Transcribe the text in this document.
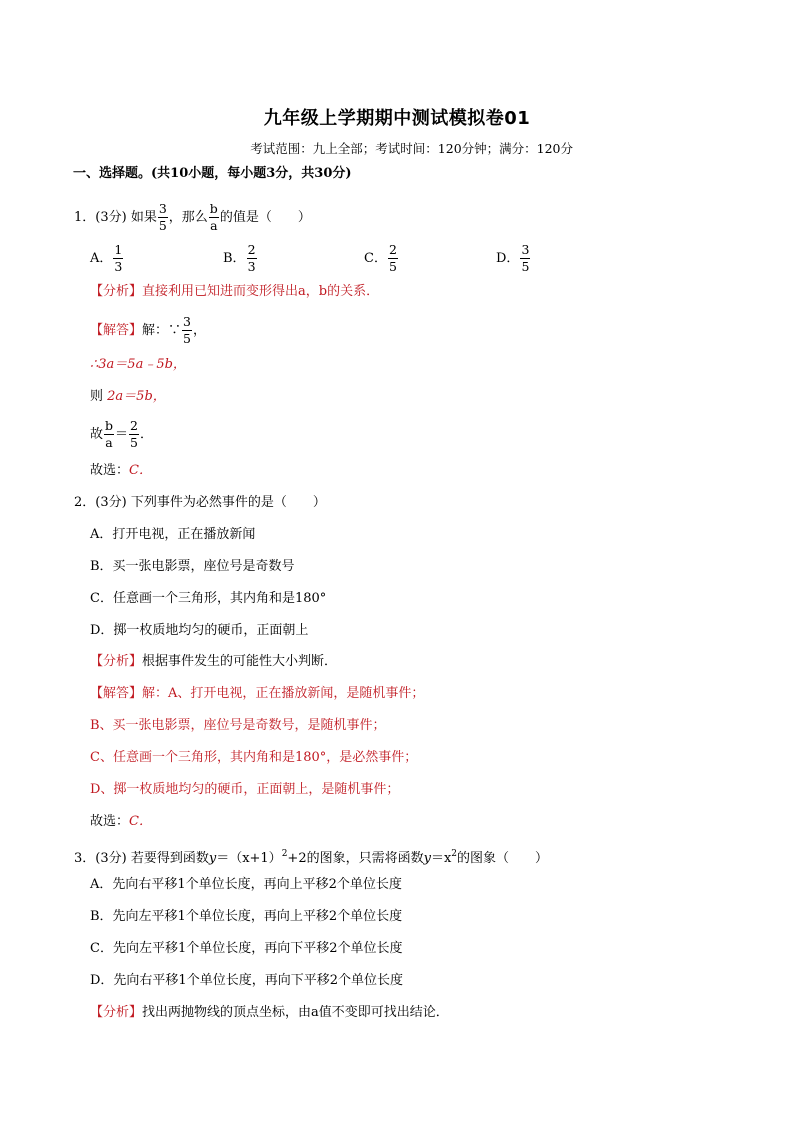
九年级上学期期中测试模拟卷01
考试范围：九上全部；考试时间：120分钟；满分：120分
一、选择题。(共10小题，每小题3分，共30分)
1．(3分) 如果 $\frac{3}{5}$ ，那么 $\frac{b}{a}$ 的值是（　　）
A． $\frac{1}{3}$	B． $\frac{2}{3}$	C． $\frac{2}{5}$	D． $\frac{3}{5}$
【分析】直接利用已知进而变形得出a，b的关系．
【解答】解：∵ $\frac{3}{5}$ ，
∴3a＝5a﹣5b，
则 2a＝5b，
故 $\frac{b}{a} = \frac{2}{5}$ ．
故选：C．
2．(3分) 下列事件为必然事件的是（　　）
A．打开电视，正在播放新闻
B．买一张电影票，座位号是奇数号
C．任意画一个三角形，其内角和是180°
D．掷一枚质地均匀的硬币，正面朝上
【分析】根据事件发生的可能性大小判断．
【解答】解：A、打开电视，正在播放新闻，是随机事件；
B、买一张电影票，座位号是奇数号，是随机事件；
C、任意画一个三角形，其内角和是180°，是必然事件；
D、掷一枚质地均匀的硬币，正面朝上，是随机事件；
故选：C．
3．(3分) 若要得到函数$y=(x+1)^2+2$的图象，只需将函数$y=x^2$的图象（　　）
A．先向右平移1个单位长度，再向上平移2个单位长度
B．先向左平移1个单位长度，再向上平移2个单位长度
C．先向左平移1个单位长度，再向下平移2个单位长度
D．先向右平移1个单位长度，再向下平移2个单位长度
【分析】找出两抛物线的顶点坐标，由a值不变即可找出结论．
